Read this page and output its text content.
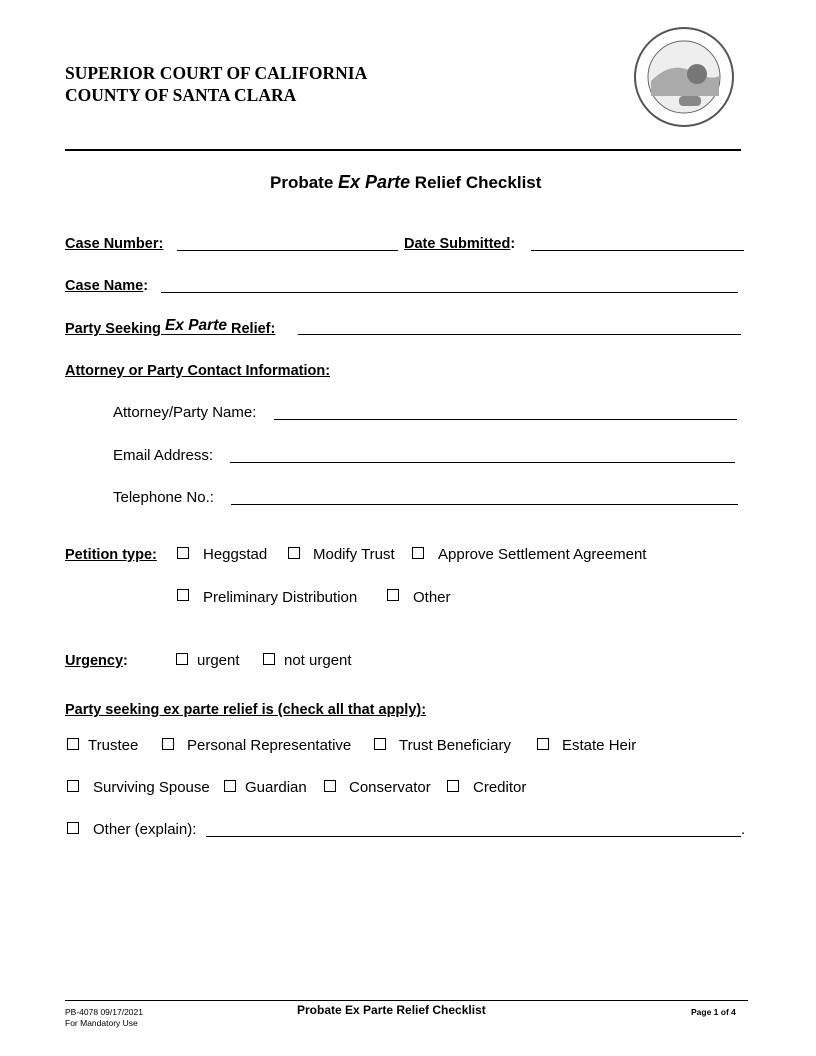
SUPERIOR COURT OF CALIFORNIA
COUNTY OF SANTA CLARA
Probate Ex Parte Relief Checklist
Case Number:	Date Submitted:
Case Name:
Party Seeking Ex Parte Relief:
Attorney or Party Contact Information:
Attorney/Party Name:
Email Address:
Telephone No.:
Petition type:	Heggstad	Modify Trust	Approve Settlement Agreement
Preliminary Distribution	Other
Urgency:	urgent	not urgent
Party seeking ex parte relief is (check all that apply):
Trustee	Personal Representative	Trust Beneficiary	Estate Heir
Surviving Spouse Guardian	Conservator	Creditor
Other (explain):	.
PB-4078 09/17/2021
For Mandatory Use
Probate Ex Parte Relief Checklist	Page 1 of 4
